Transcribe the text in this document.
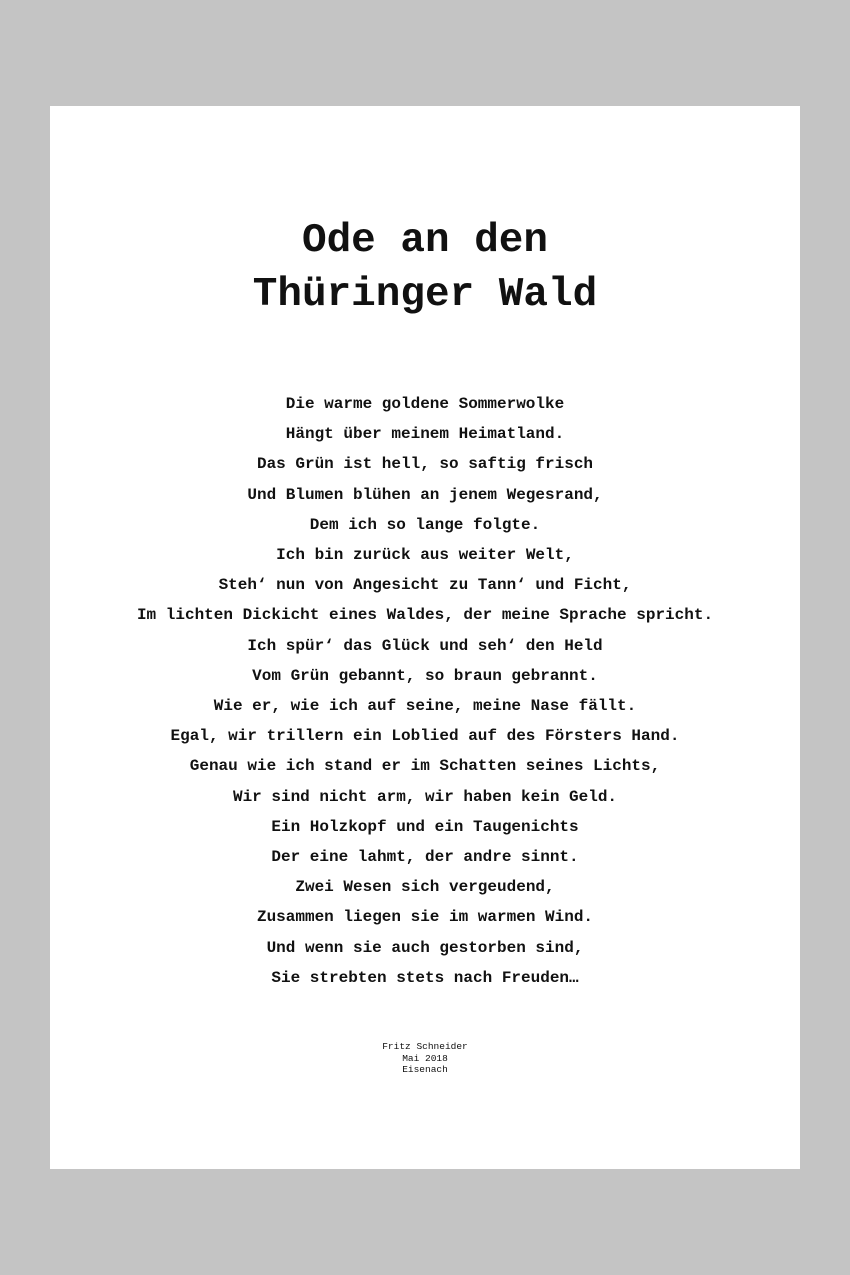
Ode an den
Thüringer Wald
Die warme goldene Sommerwolke
Hängt über meinem Heimatland.
Das Grün ist hell, so saftig frisch
Und Blumen blühen an jenem Wegesrand,
Dem ich so lange folgte.
Ich bin zurück aus weiter Welt,
Steh‘ nun von Angesicht zu Tann‘ und Ficht,
Im lichten Dickicht eines Waldes, der meine Sprache spricht.
Ich spür‘ das Glück und seh‘ den Held
Vom Grün gebannt, so braun gebrannt.
Wie er, wie ich auf seine, meine Nase fällt.
Egal, wir trillern ein Loblied auf des Försters Hand.
Genau wie ich stand er im Schatten seines Lichts,
Wir sind nicht arm, wir haben kein Geld.
Ein Holzkopf und ein Taugenichts
Der eine lahmt, der andre sinnt.
Zwei Wesen sich vergeudend,
Zusammen liegen sie im warmen Wind.
Und wenn sie auch gestorben sind,
Sie strebten stets nach Freuden…
Fritz Schneider
Mai 2018
Eisenach
